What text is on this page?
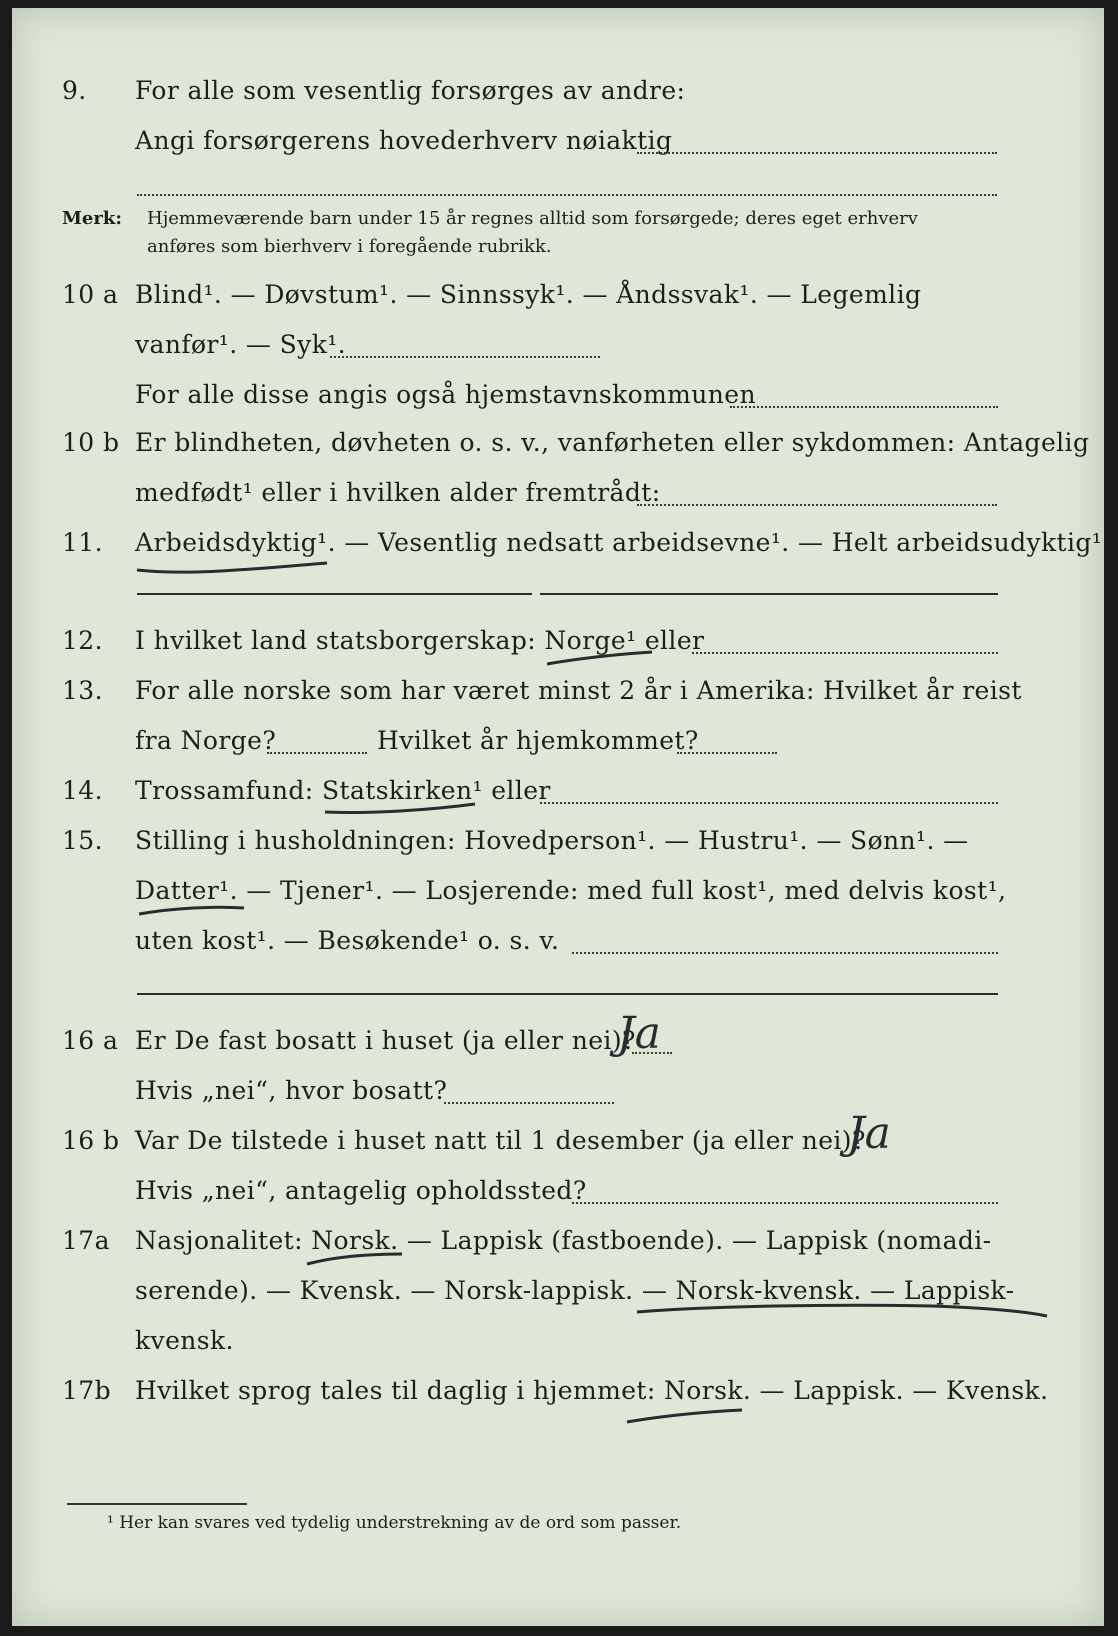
9. For alle som vesentlig forsørges av andre:
Angi forsørgerens hovederhverv nøiaktig
Merk: Hjemmeværende barn under 15 år regnes alltid som forsørgede; deres eget erhverv
anføres som bierhverv i foregående rubrikk.
10 a Blind¹. — Døvstum¹. — Sinnssyk¹. — Åndssvak¹. — Legemlig
vanfør¹. — Syk¹.
For alle disse angis også hjemstavnskommunen
10 b Er blindheten, døvheten o. s. v., vanførheten eller sykdommen: Antagelig
medfødt¹ eller i hvilken alder fremtrådt:
11. Arbeidsdyktig¹. — Vesentlig nedsatt arbeidsevne¹. — Helt arbeidsudyktig¹.
12. I hvilket land statsborgerskap: Norge¹ eller
13. For alle norske som har været minst 2 år i Amerika: Hvilket år reist
fra Norge?	Hvilket år hjemkommet?
14. Trossamfund: Statskirken¹ eller
15. Stilling i husholdningen: Hovedperson¹. — Hustru¹. — Sønn¹. —
Datter¹. — Tjener¹. — Losjerende: med full kost¹, med delvis kost¹,
uten kost¹. — Besøkende¹ o. s. v.
16 a Er De fast bosatt i huset (ja eller nei)?
Ja
Hvis „nei“, hvor bosatt?
16 b Var De tilstede i huset natt til 1 desember (ja eller nei)?
Ja
Hvis „nei“, antagelig opholdssted?
17a Nasjonalitet: Norsk. — Lappisk (fastboende). — Lappisk (nomadi-
serende). — Kvensk. — Norsk-lappisk. — Norsk-kvensk. — Lappisk-
kvensk.
17b Hvilket sprog tales til daglig i hjemmet: Norsk. — Lappisk. — Kvensk.
¹ Her kan svares ved tydelig understrekning av de ord som passer.
